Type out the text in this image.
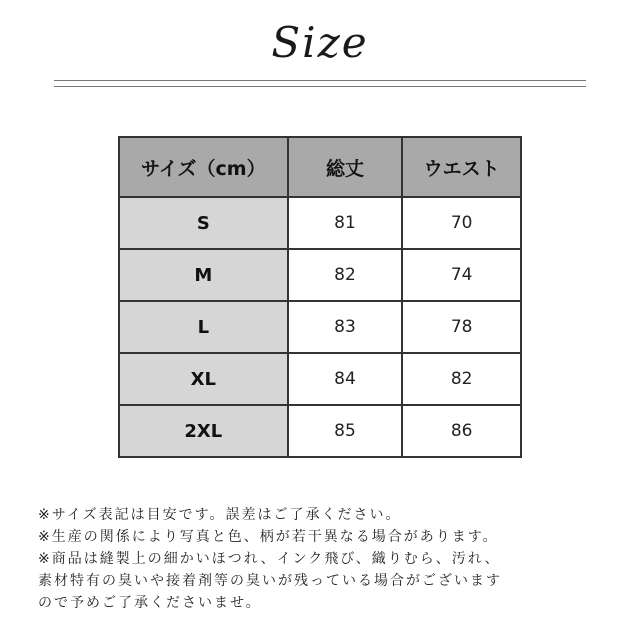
Size
サイズ（cm）	総丈	ウエスト
S	81	70
M	82	74
L	83	78
XL	84	82
2XL	85	86
※サイズ表記は目安です。誤差はご了承ください。
※生産の関係により写真と色、柄が若干異なる場合があります。
※商品は縫製上の細かいほつれ、インク飛び、織りむら、汚れ、
素材特有の臭いや接着剤等の臭いが残っている場合がございます
ので予めご了承くださいませ。
